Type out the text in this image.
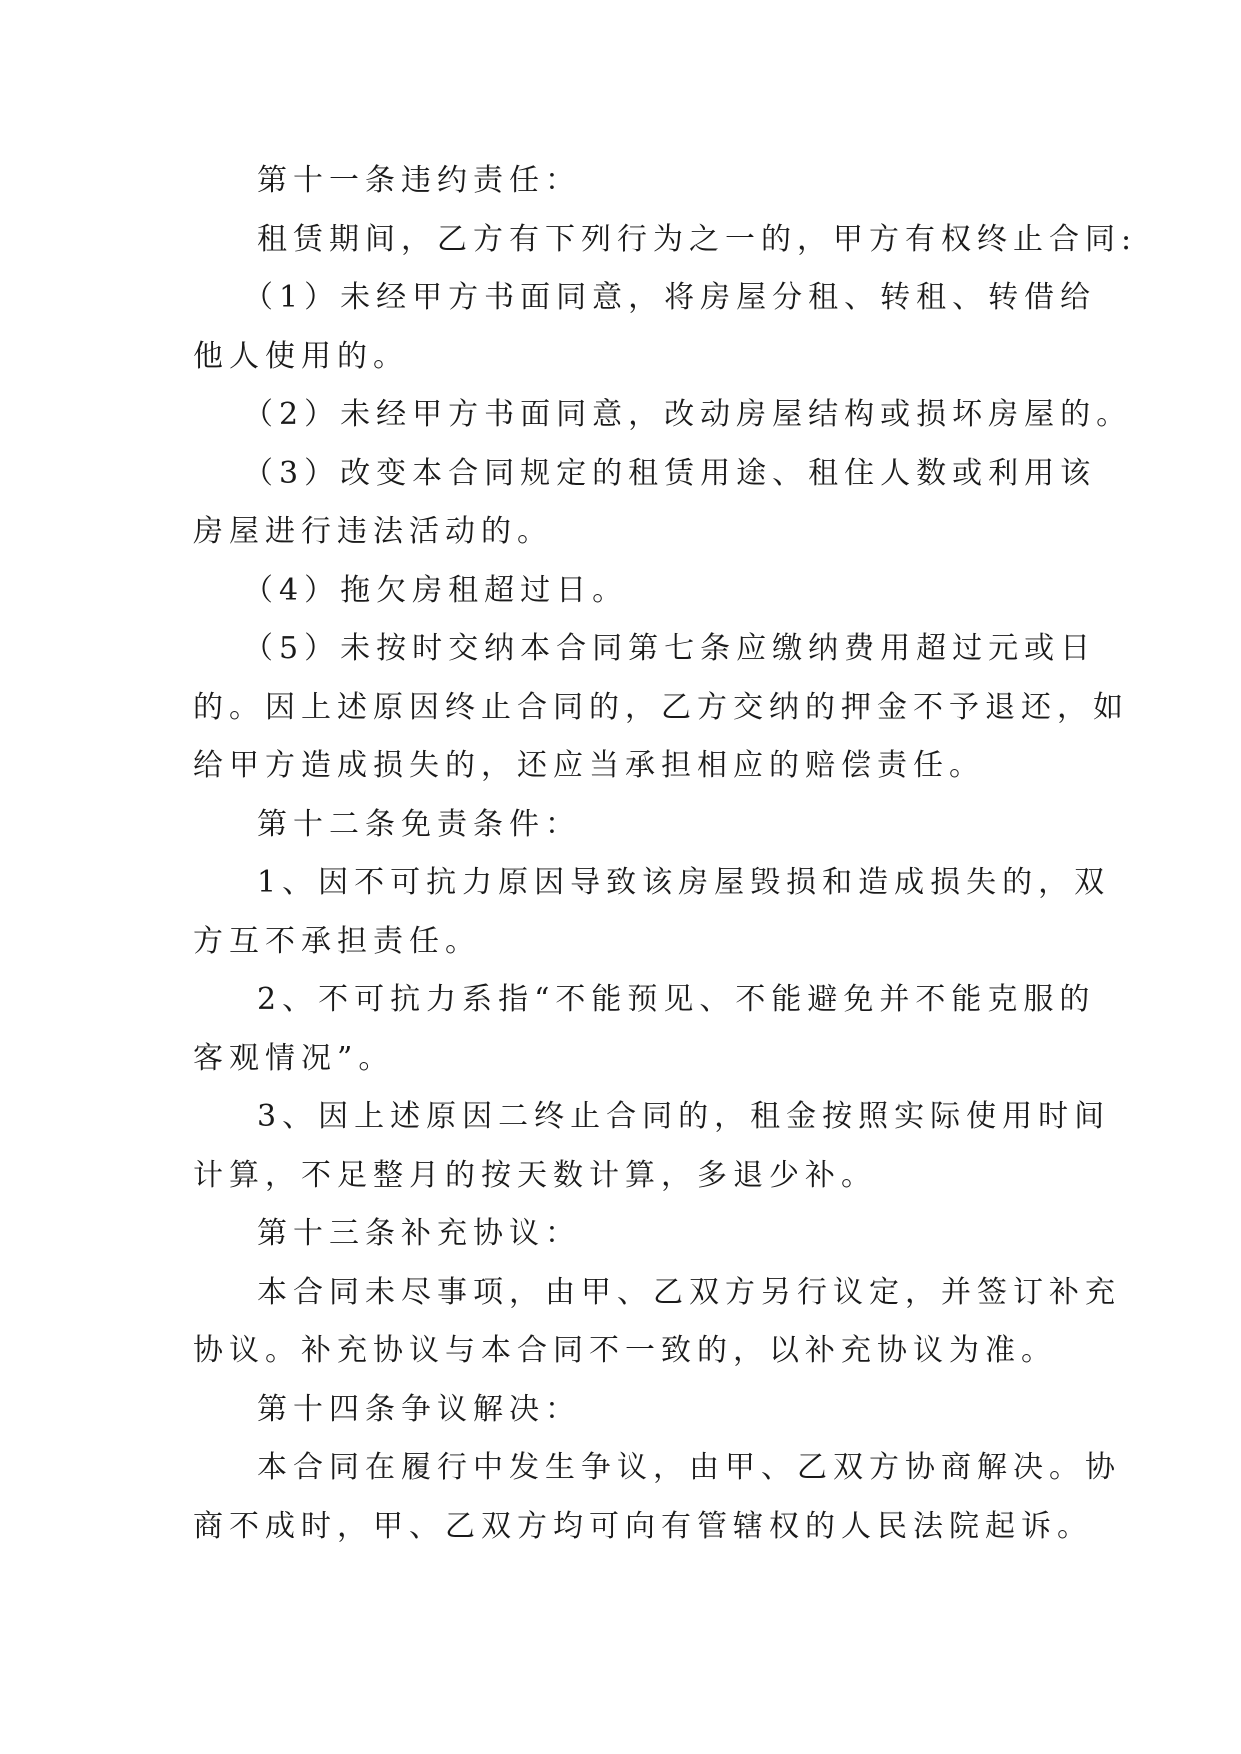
第十一条违约责任：
租赁期间，乙方有下列行为之一的，甲方有权终止合同:
（1）未经甲方书面同意，将房屋分租、转租、转借给
他人使用的。
（2）未经甲方书面同意，改动房屋结构或损坏房屋的。
（3）改变本合同规定的租赁用途、租住人数或利用该
房屋进行违法活动的。
（4）拖欠房租超过日。
（5）未按时交纳本合同第七条应缴纳费用超过元或日
的。因上述原因终止合同的，乙方交纳的押金不予退还，如
给甲方造成损失的，还应当承担相应的赔偿责任。
第十二条免责条件：
1、因不可抗力原因导致该房屋毁损和造成损失的，双
方互不承担责任。
2、不可抗力系指“不能预见、不能避免并不能克服的
客观情况”。
3、因上述原因二终止合同的，租金按照实际使用时间
计算，不足整月的按天数计算，多退少补。
第十三条补充协议：
本合同未尽事项，由甲、乙双方另行议定，并签订补充
协议。补充协议与本合同不一致的，以补充协议为准。
第十四条争议解决：
本合同在履行中发生争议，由甲、乙双方协商解决。协
商不成时，甲、乙双方均可向有管辖权的人民法院起诉。
